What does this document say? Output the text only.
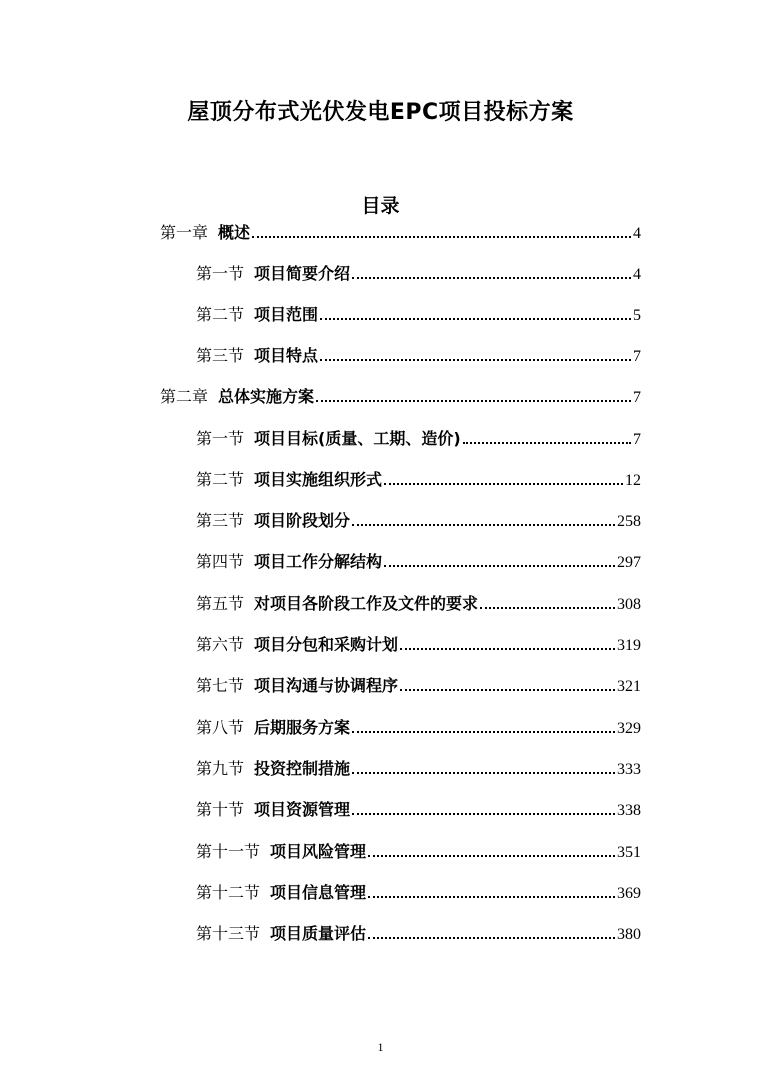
屋顶分布式光伏发电EPC项目投标方案
目录
第一章 概述	4
第一节 项目简要介绍	4
第二节 项目范围	5
第三节 项目特点	7
第二章 总体实施方案	7
第一节 项目目标(质量、工期、造价)	7
第二节 项目实施组织形式	12
第三节 项目阶段划分	258
第四节 项目工作分解结构	297
第五节 对项目各阶段工作及文件的要求	308
第六节 项目分包和采购计划	319
第七节 项目沟通与协调程序	321
第八节 后期服务方案	329
第九节 投资控制措施	333
第十节 项目资源管理	338
第十一节 项目风险管理	351
第十二节 项目信息管理	369
第十三节 项目质量评估	380
1
